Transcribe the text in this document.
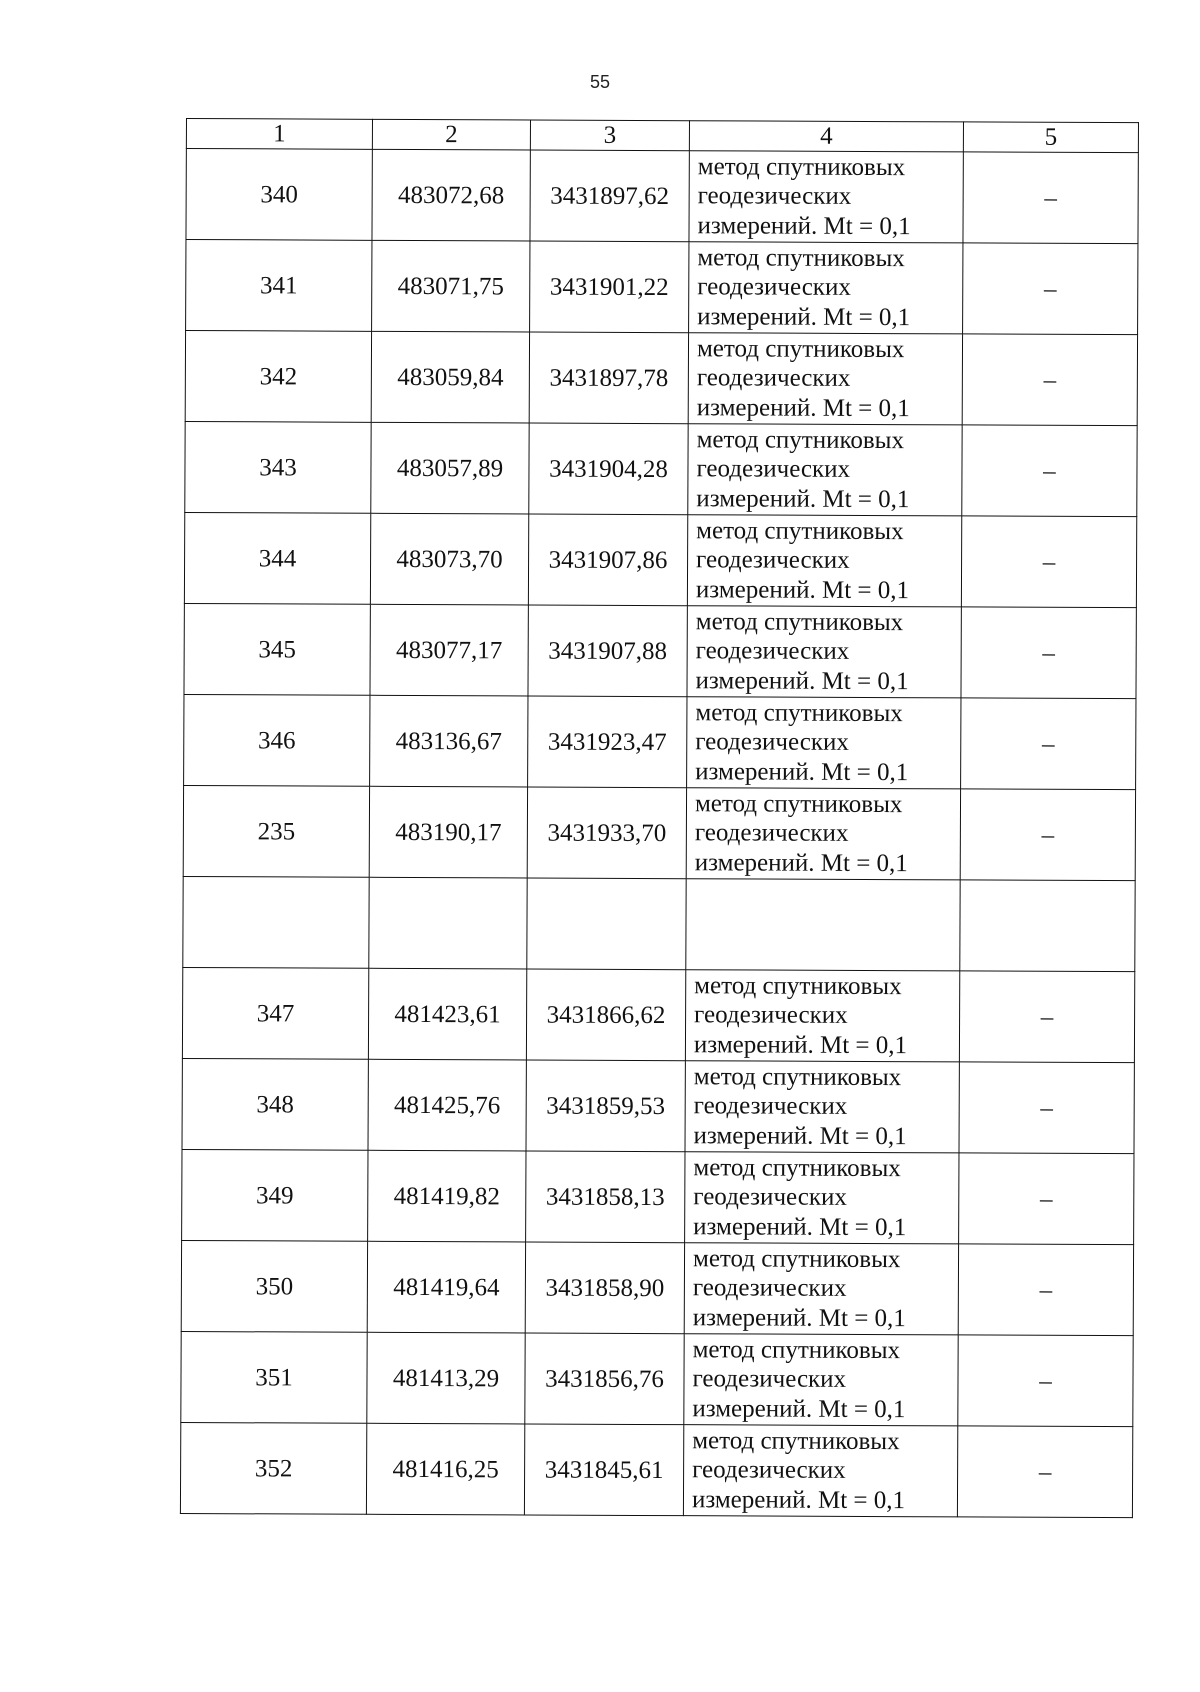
55
1	2	3	4	5
340	483072,68	3431897,62	метод спутниковых
геодезических
измерений. Mt = 0,1	–
341	483071,75	3431901,22	метод спутниковых
геодезических
измерений. Mt = 0,1	–
342	483059,84	3431897,78	метод спутниковых
геодезических
измерений. Mt = 0,1	–
343	483057,89	3431904,28	метод спутниковых
геодезических
измерений. Mt = 0,1	–
344	483073,70	3431907,86	метод спутниковых
геодезических
измерений. Mt = 0,1	–
345	483077,17	3431907,88	метод спутниковых
геодезических
измерений. Mt = 0,1	–
346	483136,67	3431923,47	метод спутниковых
геодезических
измерений. Mt = 0,1	–
235	483190,17	3431933,70	метод спутниковых
геодезических
измерений. Mt = 0,1	–

347	481423,61	3431866,62	метод спутниковых
геодезических
измерений. Mt = 0,1	–
348	481425,76	3431859,53	метод спутниковых
геодезических
измерений. Mt = 0,1	–
349	481419,82	3431858,13	метод спутниковых
геодезических
измерений. Mt = 0,1	–
350	481419,64	3431858,90	метод спутниковых
геодезических
измерений. Mt = 0,1	–
351	481413,29	3431856,76	метод спутниковых
геодезических
измерений. Mt = 0,1	–
352	481416,25	3431845,61	метод спутниковых
геодезических
измерений. Mt = 0,1	–
